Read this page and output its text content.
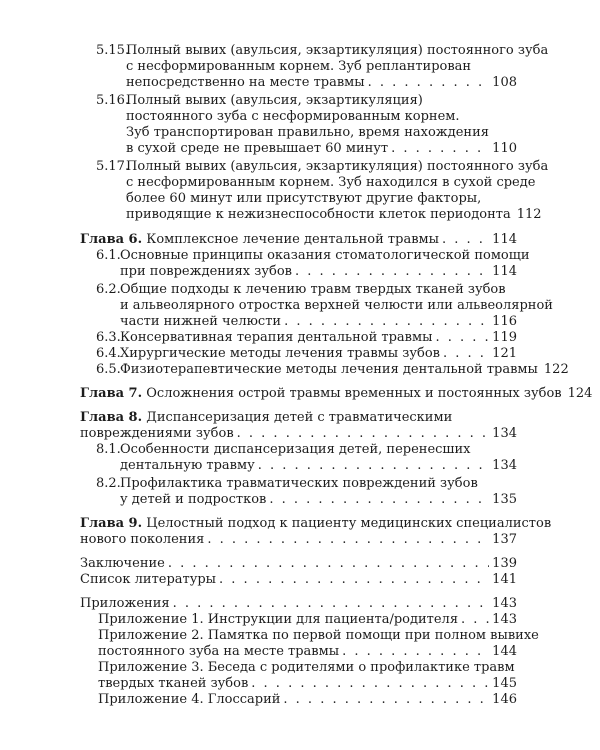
5.15.
Полный вывих (авульсия, экзартикуляция) постоянного зуба
с несформированным корнем. Зуб реплантирован
непосредственно на месте травмы . . .	108
5.16.
Полный вывих (авульсия, экзартикуляция)
постоянного зуба с несформированным корнем.
Зуб транспортирован правильно, время нахождения
в сухой среде не превышает 60 минут . . .	110
5.17.
Полный вывих (авульсия, экзартикуляция) постоянного зуба
с несформированным корнем. Зуб находился в сухой среде
более 60 минут или присутствуют другие факторы,
приводящие к нежизнеспособности клеток периодонта 112
Глава 6. Комплексное лечение дентальной травмы . . .	114
6.1. Основные принципы оказания стоматологической помощи
при повреждениях зубов . . .	114
6.2. Общие подходы к лечению травм твердых тканей зубов
и альвеолярного отростка верхней челюсти или альвеолярной
части нижней челюсти . . .	116
6.3. Консервативная терапия дентальной травмы . . .	119
6.4. Хирургические методы лечения травмы зубов . . .	121
6.5. Физиотерапевтические методы лечения дентальной травмы 122
Глава 7. Осложнения острой травмы временных и постоянных зубов 124
Глава 8. Диспансеризация детей с травматическими
повреждениями зубов . . .	134
8.1. Особенности диспансеризация детей, перенесших
дентальную травму . . .	134
8.2. Профилактика травматических повреждений зубов
у детей и подростков . . .	135
Глава 9. Целостный подход к пациенту медицинских специалистов
нового поколения . . .	137
Заключение . . .	139
Список литературы . . .	141
Приложения . . .	143
Приложение 1. Инструкции для пациента/родителя . . .	143
Приложение 2. Памятка по первой помощи при полном вывихе
постоянного зуба на месте травмы . . .	144
Приложение 3. Беседа с родителями о профилактике травм
твердых тканей зубов . . .	145
Приложение 4. Глоссарий . . .	146
